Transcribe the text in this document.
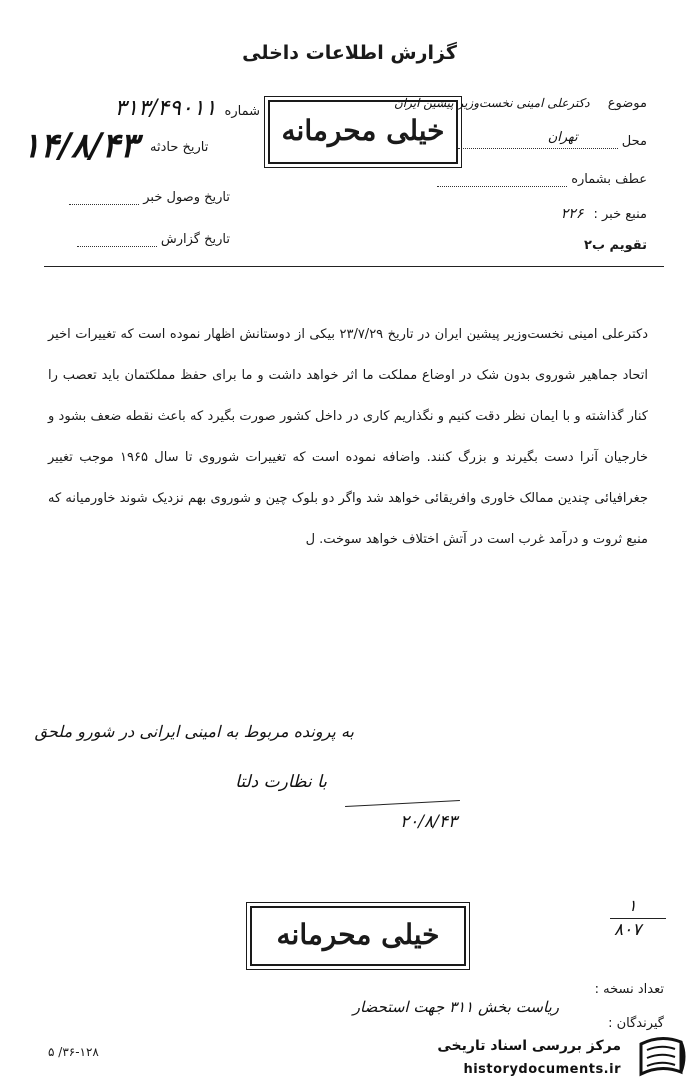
گزارش اطلاعات داخلی
موضوع دکترعلی امینی نخست‌وزیر پیشین ایران
محل
تهران
عطف بشماره
منبع خبر : ۲۲۶
تقویم ب۲
خیلی محرمانه
شماره ۳۱۳/۴۹۰۱۱
۱۴/۸/۴۳ تاریخ حادثه
تاریخ وصول خبر
تاریخ گزارش
دکترعلی امینی نخست‌وزیر پیشین ایران در تاریخ ۲۳/۷/۲۹ بیکی از دوستانش اظهار نموده است که تغییرات اخیر اتحاد جماهیر شوروی بدون شک در اوضاع مملکت ما اثر خواهد داشت و ما برای حفظ مملکتمان باید تعصب را کنار گذاشته و با ایمان نظر دقت کنیم و نگذاریم کاری در داخل کشور صورت بگیرد که باعث نقطه ضعف بشود و خارجیان آنرا دست بگیرند و بزرگ کنند. واضافه نموده است که تغییرات شوروی تا سال ۱۹۶۵ موجب تغییر جغرافیائی چندین ممالک خاوری وافریقائی خواهد شد واگر دو بلوک چین و شوروی بهم نزدیک شوند خاورمیانه که منبع ثروت و درآمد غرب است در آتش اختلاف خواهد سوخت. ل
به پرونده مربوط به امینی ایرانی در شورو ملحق
با نظارت دلتا
۲۰/۸/۴۳
خیلی محرمانه
۱
۸۰۷
تعداد نسخه :
گیرندگان :
ریاست بخش ۳۱۱ جهت استحضار
۳۶-۱۲۸/ ۵	مرکز بررسی اسناد تاریخی
historydocuments.ir
